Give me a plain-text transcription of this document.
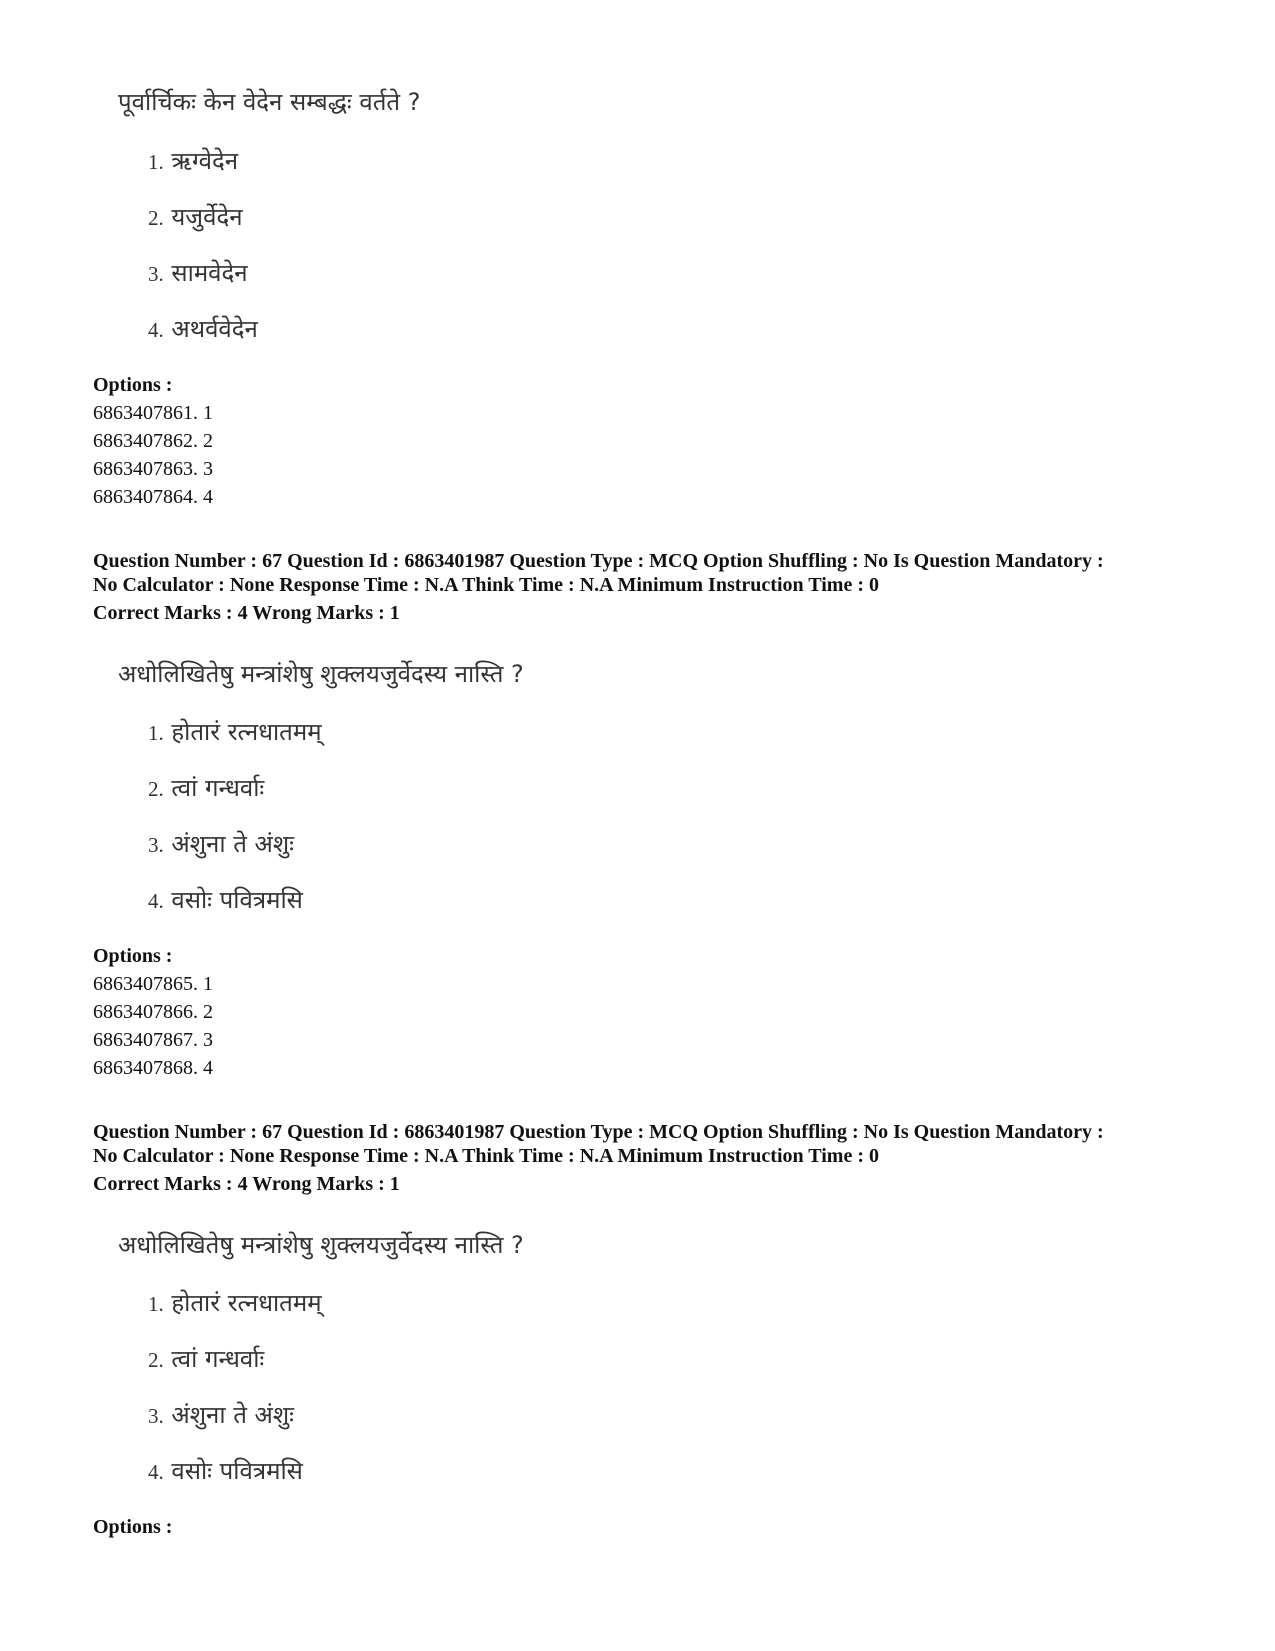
पूर्वार्चिकः केन वेदेन सम्बद्धः वर्तते ?
1. ऋग्वेदेन
2. यजुर्वेदेन
3. सामवेदेन
4. अथर्ववेदेन
Options :
6863407861. 1
6863407862. 2
6863407863. 3
6863407864. 4
Question Number : 67 Question Id : 6863401987 Question Type : MCQ Option Shuffling : No Is Question Mandatory :
No Calculator : None Response Time : N.A Think Time : N.A Minimum Instruction Time : 0
Correct Marks : 4 Wrong Marks : 1
अधोलिखितेषु मन्त्रांशेषु शुक्लयजुर्वेदस्य नास्ति ?
1. होतारं रत्नधातमम्
2. त्वां गन्धर्वाः
3. अंशुना ते अंशुः
4. वसोः पवित्रमसि
Options :
6863407865. 1
6863407866. 2
6863407867. 3
6863407868. 4
Question Number : 67 Question Id : 6863401987 Question Type : MCQ Option Shuffling : No Is Question Mandatory :
No Calculator : None Response Time : N.A Think Time : N.A Minimum Instruction Time : 0
Correct Marks : 4 Wrong Marks : 1
अधोलिखितेषु मन्त्रांशेषु शुक्लयजुर्वेदस्य नास्ति ?
1. होतारं रत्नधातमम्
2. त्वां गन्धर्वाः
3. अंशुना ते अंशुः
4. वसोः पवित्रमसि
Options :
